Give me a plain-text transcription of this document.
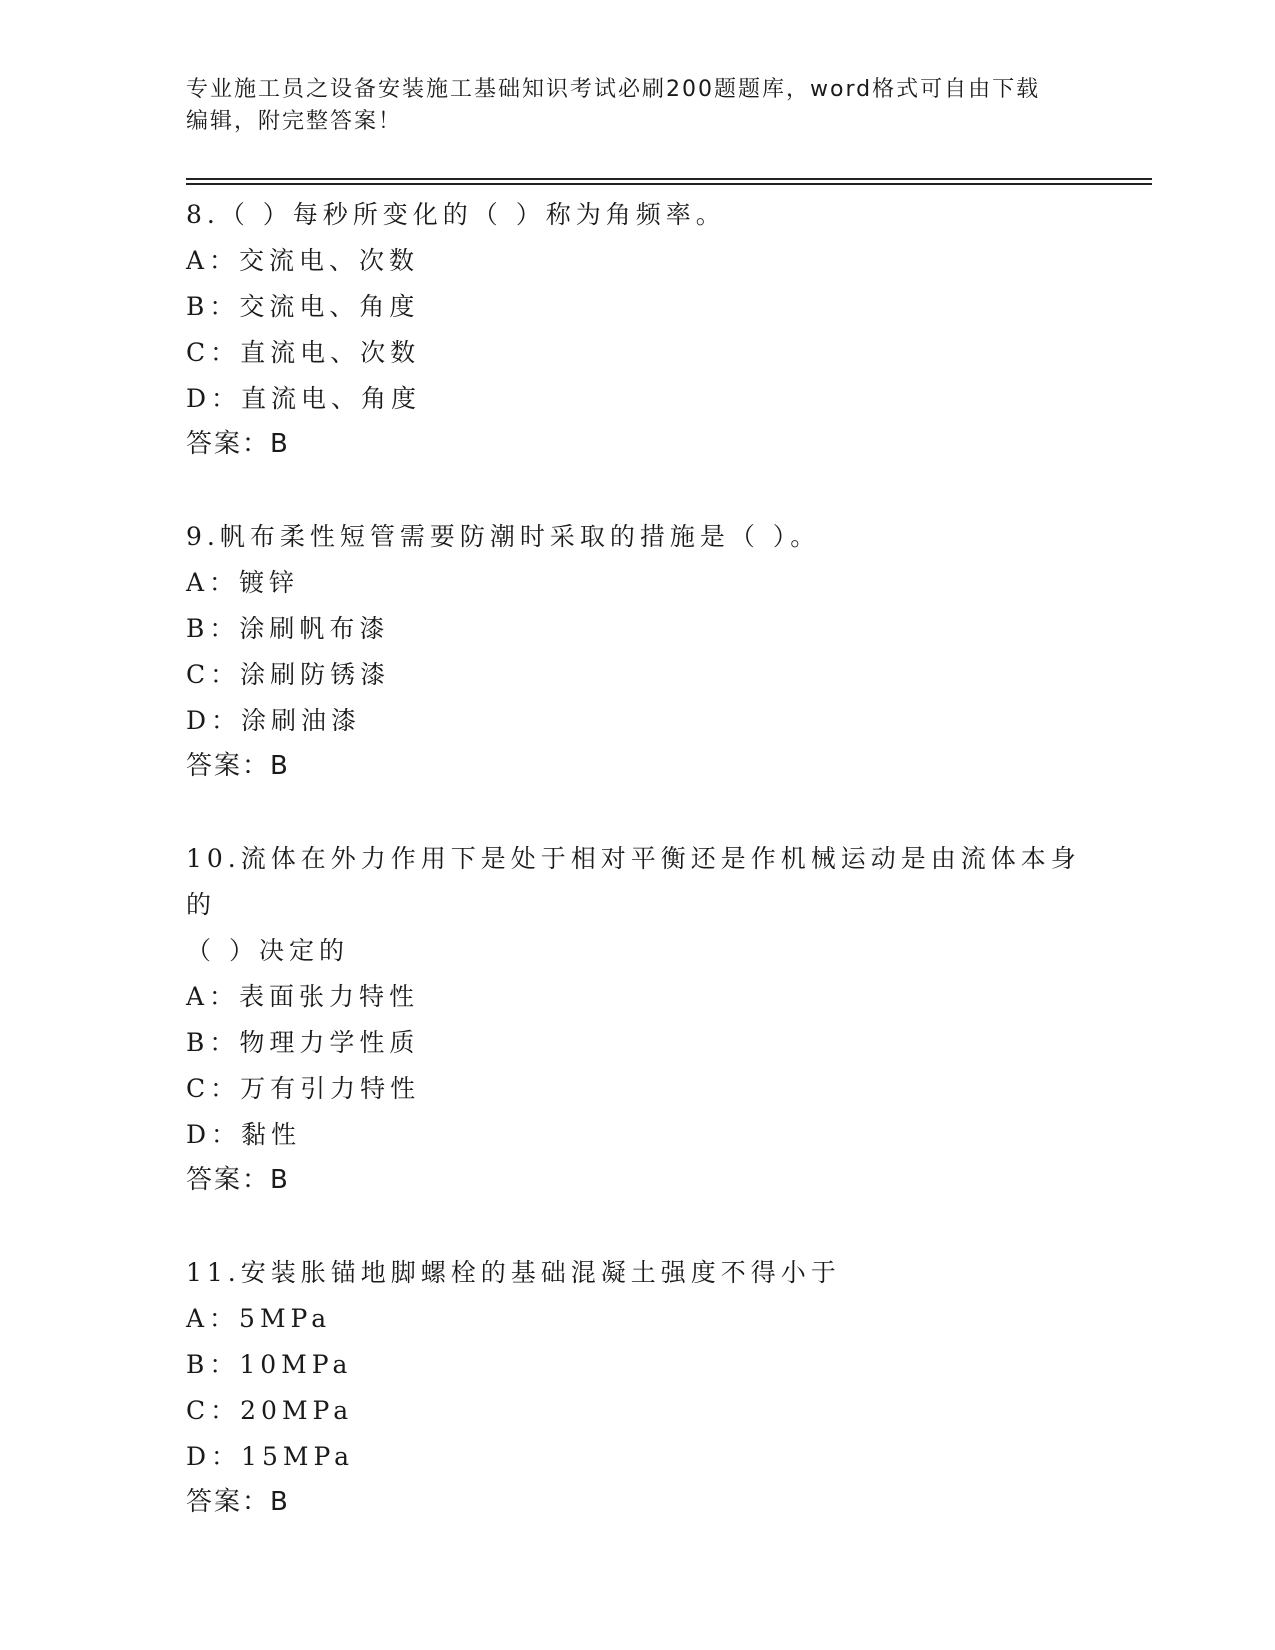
专业施工员之设备安装施工基础知识考试必刷200题题库，word格式可自由下载
编辑，附完整答案！
8.（ ）每秒所变化的（ ）称为角频率。
A：交流电、次数
B：交流电、角度
C：直流电、次数
D：直流电、角度
答案：B
9.帆布柔性短管需要防潮时采取的措施是（ ）。
A：镀锌
B：涂刷帆布漆
C：涂刷防锈漆
D：涂刷油漆
答案：B
10.流体在外力作用下是处于相对平衡还是作机械运动是由流体本身的
（ ）决定的
A：表面张力特性
B：物理力学性质
C：万有引力特性
D：黏性
答案：B
11.安装胀锚地脚螺栓的基础混凝土强度不得小于
A：5MPa
B：10MPa
C：20MPa
D：15MPa
答案：B
